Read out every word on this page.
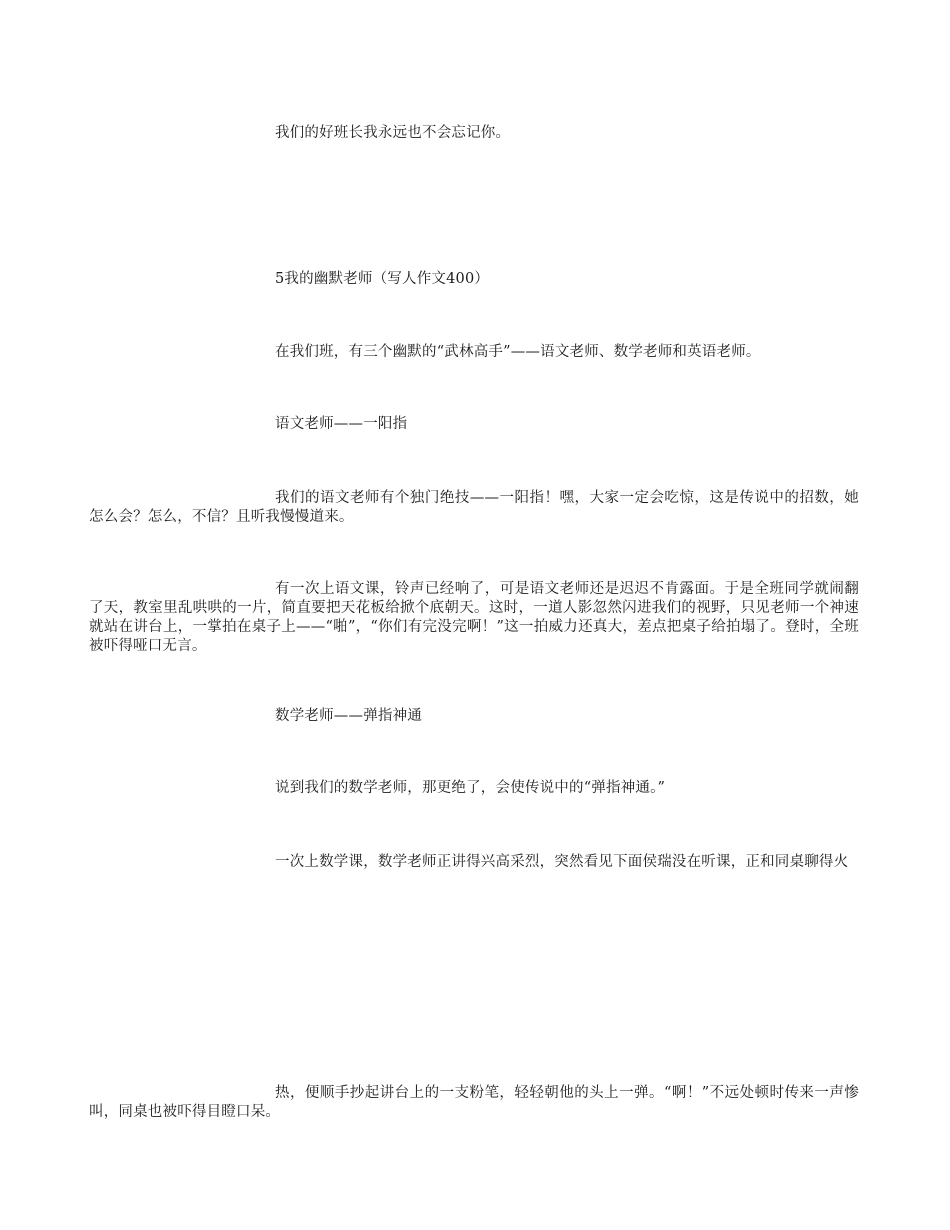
我们的好班长我永远也不会忘记你。

5我的幽默老师（写人作文400）

在我们班，有三个幽默的“武林高手”——语文老师、数学老师和英语老师。

语文老师——一阳指

我们的语文老师有个独门绝技——一阳指！嘿，大家一定会吃惊，这是传说中的招数，她怎么会？怎么，不信？且听我慢慢道来。

有一次上语文课，铃声已经响了，可是语文老师还是迟迟不肯露面。于是全班同学就闹翻了天，教室里乱哄哄的一片，简直要把天花板给掀个底朝天。这时，一道人影忽然闪进我们的视野，只见老师一个神速就站在讲台上，一掌拍在桌子上——“啪”，“你们有完没完啊！”这一拍威力还真大，差点把桌子给拍塌了。登时，全班被吓得哑口无言。

数学老师——弹指神通

说到我们的数学老师，那更绝了，会使传说中的“弹指神通。”

一次上数学课，数学老师正讲得兴高采烈，突然看见下面侯瑞没在听课，正和同桌聊得火

热，便顺手抄起讲台上的一支粉笔，轻轻朝他的头上一弹。“啊！”不远处顿时传来一声惨叫，同桌也被吓得目瞪口呆。
